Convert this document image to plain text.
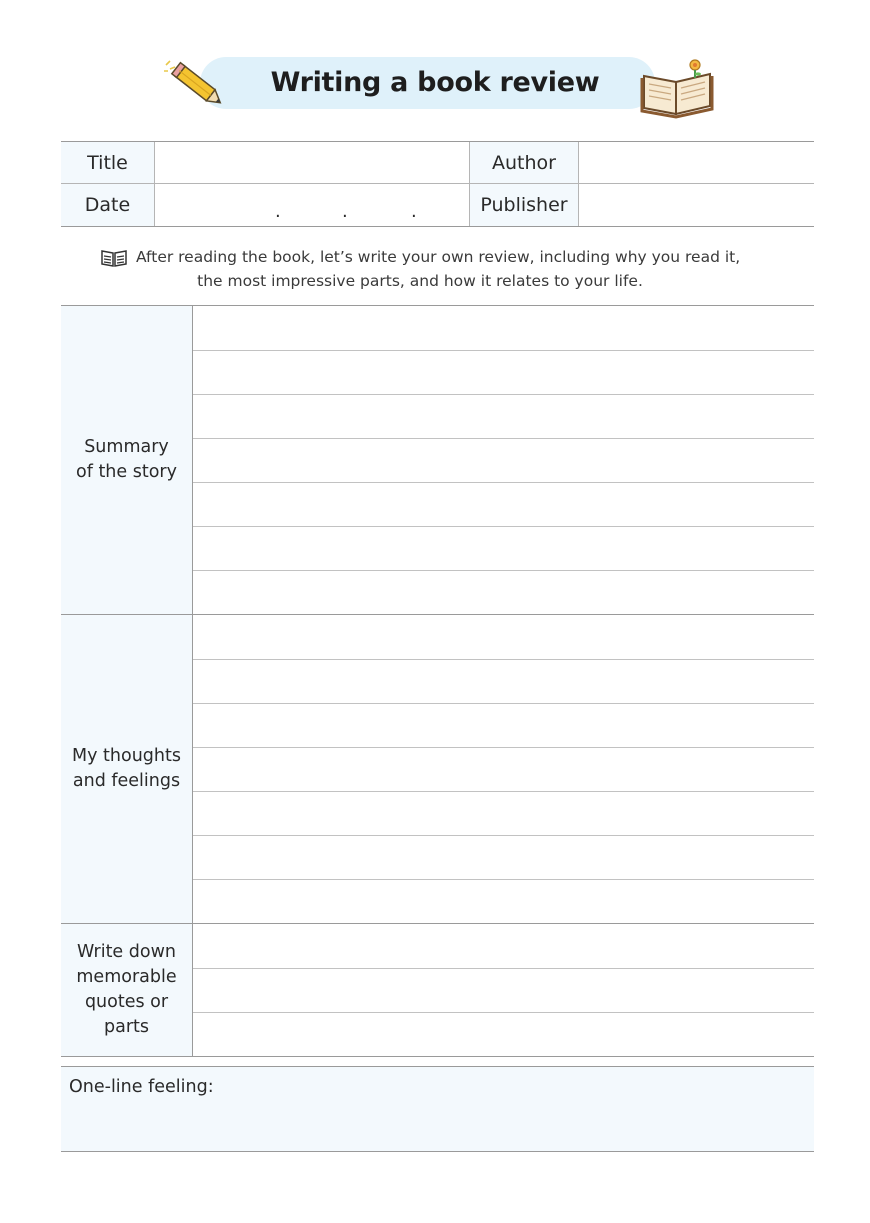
Writing a book review
Title	Author
Date	.	.	.	Publisher
After reading the book, let’s write your own review, including why you read it,
the most impressive parts, and how it relates to your life.
Summary
of the story
My thoughts
and feelings
Write down
memorable
quotes or parts
One-line feeling:
